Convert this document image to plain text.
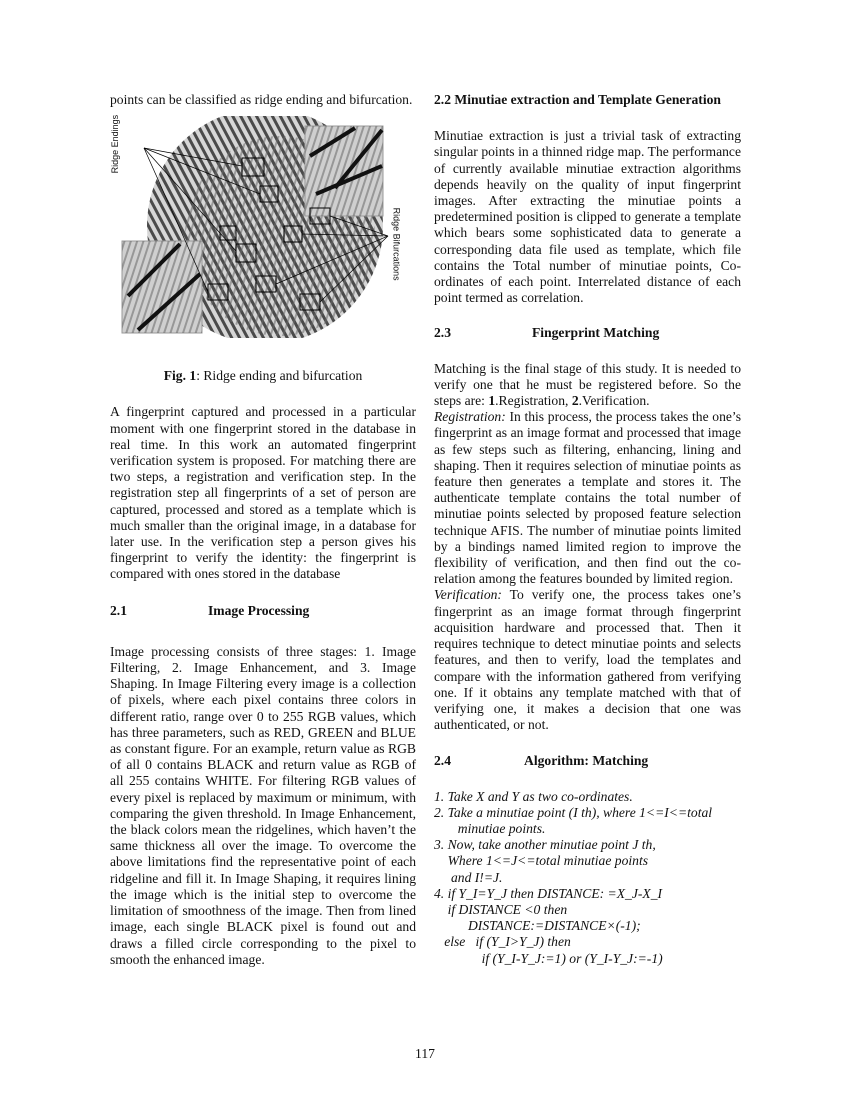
points can be classified as ridge ending and bifurcation.

Ridge Endings
Ridge Bifurcations

Fig. 1: Ridge ending and bifurcation

A fingerprint captured and processed in a particular moment with one fingerprint stored in the database in real time. In this work an automated fingerprint verification system is proposed. For matching there are two steps, a registration and verification step. In the registration step all fingerprints of a set of person are captured, processed and stored as a template which is much smaller than the original image, in a database for later use. In the verification step a person gives his fingerprint to verify the identity: the fingerprint is compared with ones stored in the database

2.1	Image Processing

Image processing consists of three stages: 1. Image Filtering, 2. Image Enhancement, and 3. Image Shaping. In Image Filtering every image is a collection of pixels, where each pixel contains three colors in different ratio, range over 0 to 255 RGB values, which has three parameters, such as RED, GREEN and BLUE as constant figure. For an example, return value as RGB of all 0 contains BLACK and return value as RGB of all 255 contains WHITE. For filtering RGB values of every pixel is replaced by maximum or minimum, with comparing the given threshold. In Image Enhancement, the black colors mean the ridgelines, which haven’t the same thickness all over the image. To overcome the above limitations find the representative point of each ridgeline and fill it. In Image Shaping, it requires lining the image which is the initial step to overcome the limitation of smoothness of the image. Then from lined image, each single BLACK pixel is found out and draws a filled circle corresponding to the pixel to smooth the enhanced image.

2.2 Minutiae extraction and Template Generation

Minutiae extraction is just a trivial task of extracting singular points in a thinned ridge map. The performance of currently available minutiae extraction algorithms depends heavily on the quality of input fingerprint images. After extracting the minutiae points a predetermined position is clipped to generate a template which bears some sophisticated data to generate a corresponding data file used as template, which file contains the Total number of minutiae points, Co-ordinates of each point. Interrelated distance of each point termed as correlation.

2.3	Fingerprint Matching

Matching is the final stage of this study. It is needed to verify one that he must be registered before. So the steps are: 1.Registration, 2.Verification.

Registration: In this process, the process takes the one’s fingerprint as an image format and processed that image as few steps such as filtering, enhancing, lining and shaping. Then it requires selection of minutiae points as feature then generates a template and stores it. The authenticate template contains the total number of minutiae points selected by proposed feature selection technique AFIS. The number of minutiae points limited by a bindings named limited region to improve the flexibility of verification, and then find out the co-relation among the features bounded by limited region.

Verification: To verify one, the process takes one’s fingerprint as an image format through fingerprint acquisition hardware and processed that. Then it requires technique to detect minutiae points and selects features, and then to verify, load the templates and compare with the information gathered from verifying one. If it obtains any template matched with that of verifying one, it makes a decision that one was authenticated, or not.

2.4	Algorithm: Matching
1. Take X and Y as two co-ordinates.
2. Take a minutiae point (I th), where 1<=I<=total
minutiae points.
3. Now, take another minutiae point J th,
Where 1<=J<=total minutiae points
and I!=J.
4. if Y_I=Y_J then DISTANCE: =X_J-X_I
if DISTANCE <0 then
DISTANCE:=DISTANCE×(-1);
else   if (Y_I>Y_J) then
if (Y_I-Y_J:=1) or (Y_I-Y_J:=-1)
117
